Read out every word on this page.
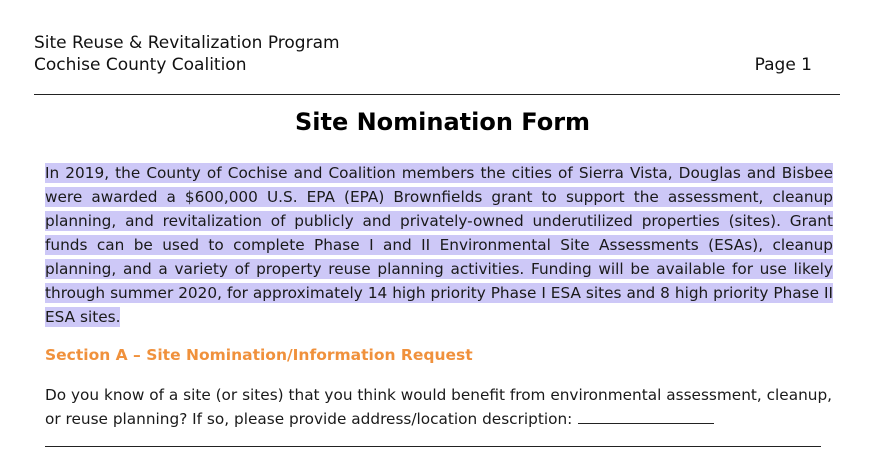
Site Reuse & Revitalization Program
Cochise County Coalition	Page 1
Site Nomination Form

In 2019, the County of Cochise and Coalition members the cities of Sierra Vista, Douglas and Bisbee were awarded a $600,000 U.S. EPA (EPA) Brownfields grant to support the assessment, cleanup planning, and revitalization of publicly and privately-owned underutilized properties (sites). Grant funds can be used to complete Phase I and II Environmental Site Assessments (ESAs), cleanup planning, and a variety of property reuse planning activities. Funding will be available for use likely through summer 2020, for approximately 14 high priority Phase I ESA sites and 8 high priority Phase II ESA sites.

Section A – Site Nomination/Information Request

Do you know of a site (or sites) that you think would benefit from environmental assessment, cleanup, or reuse planning? If so, please provide address/location description:
